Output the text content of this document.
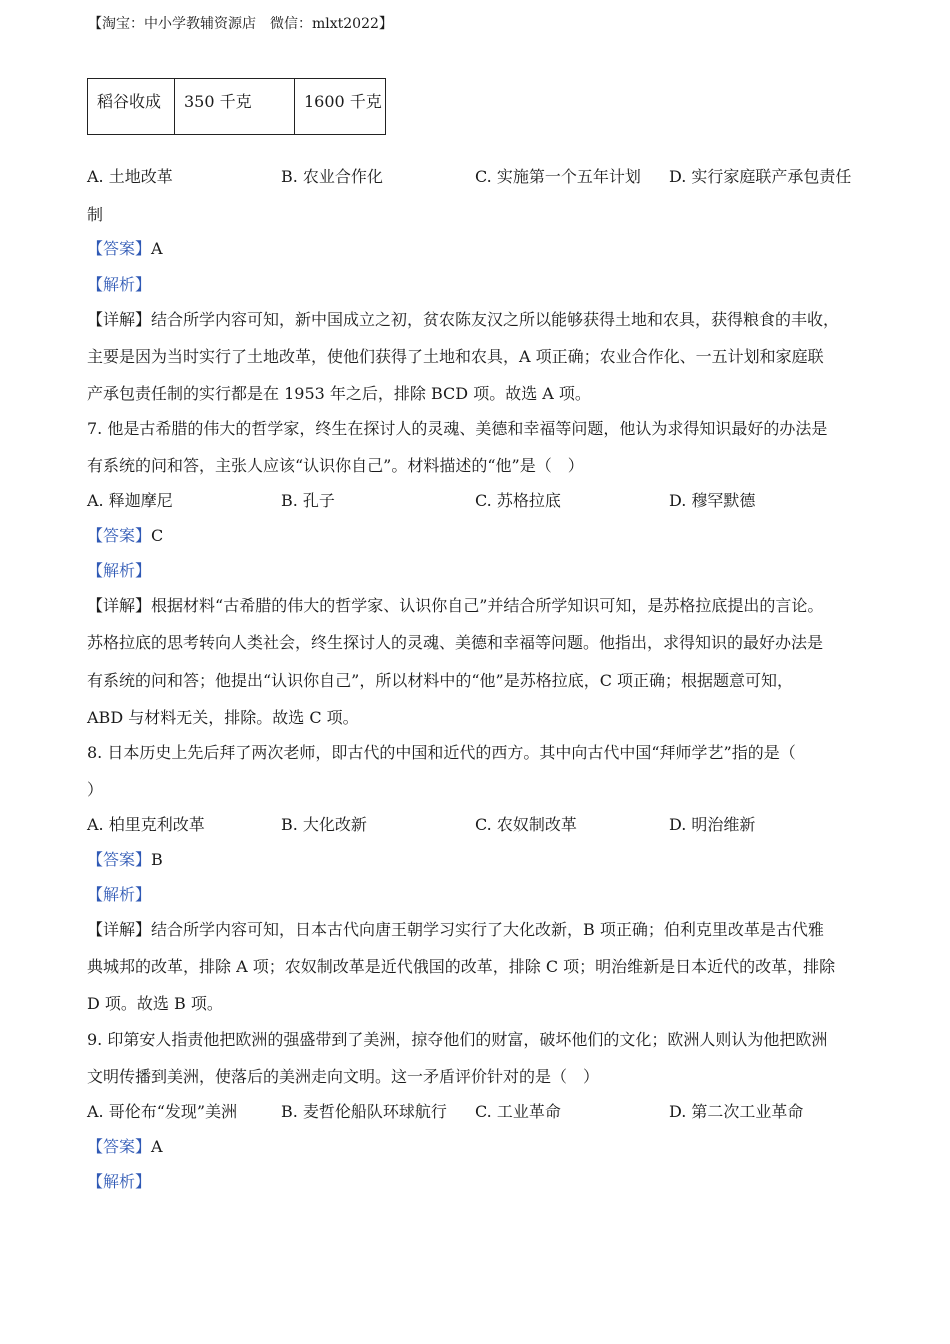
【淘宝：中小学教辅资源店　微信：mlxt2022】
稻谷收成	350 千克	1600 千克
A. 土地改革	B. 农业合作化	C. 实施第一个五年计划 D. 实行家庭联产承包责任
制
【答案】A
【解析】
【详解】结合所学内容可知，新中国成立之初，贫农陈友汉之所以能够获得土地和农具，获得粮食的丰收，
主要是因为当时实行了土地改革，使他们获得了土地和农具，A 项正确；农业合作化、一五计划和家庭联
产承包责任制的实行都是在 1953 年之后，排除 BCD 项。故选 A 项。
7. 他是古希腊的伟大的哲学家，终生在探讨人的灵魂、美德和幸福等问题，他认为求得知识最好的办法是
有系统的问和答，主张人应该“认识你自己”。材料描述的“他”是（　）
A. 释迦摩尼	B. 孔子	C. 苏格拉底	D. 穆罕默德
【答案】C
【解析】
【详解】根据材料“古希腊的伟大的哲学家、认识你自己”并结合所学知识可知，是苏格拉底提出的言论。
苏格拉底的思考转向人类社会，终生探讨人的灵魂、美德和幸福等问题。他指出，求得知识的最好办法是
有系统的问和答；他提出“认识你自己”，所以材料中的“他”是苏格拉底，C 项正确；根据题意可知，
ABD 与材料无关，排除。故选 C 项。
8. 日本历史上先后拜了两次老师，即古代的中国和近代的西方。其中向古代中国“拜师学艺”指的是（
）
A. 柏里克利改革	B. 大化改新	C. 农奴制改革	D. 明治维新
【答案】B
【解析】
【详解】结合所学内容可知，日本古代向唐王朝学习实行了大化改新，B 项正确；伯利克里改革是古代雅
典城邦的改革，排除 A 项；农奴制改革是近代俄国的改革，排除 C 项；明治维新是日本近代的改革，排除
D 项。故选 B 项。
9. 印第安人指责他把欧洲的强盛带到了美洲，掠夺他们的财富，破坏他们的文化；欧洲人则认为他把欧洲
文明传播到美洲，使落后的美洲走向文明。这一矛盾评价针对的是（　）
A. 哥伦布“发现”美洲	B. 麦哲伦船队环球航行 C. 工业革命	D. 第二次工业革命
【答案】A
【解析】
